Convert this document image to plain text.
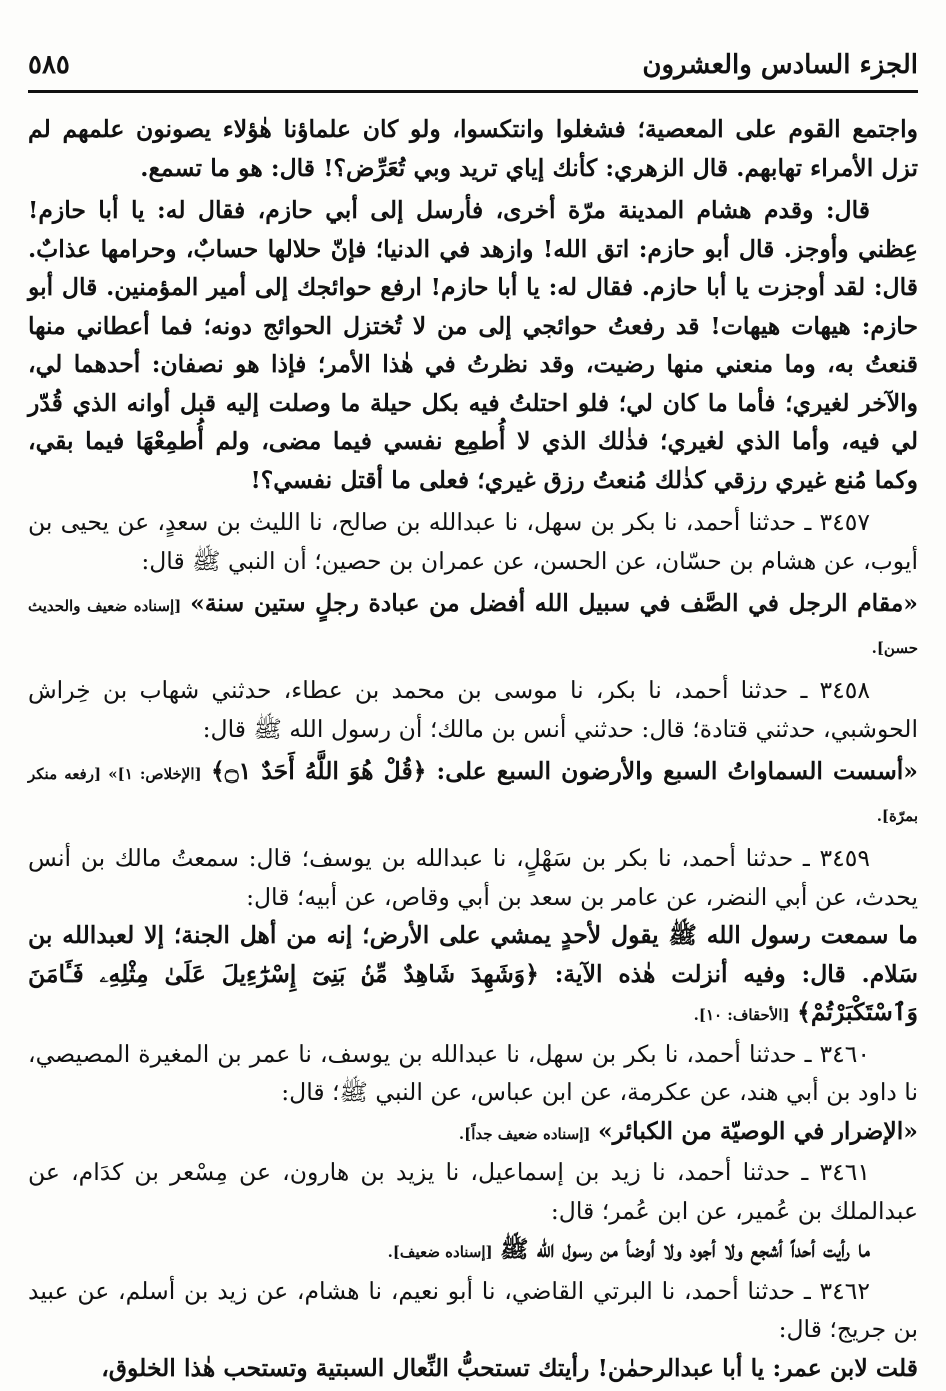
٥٨٥	الجزء السادس والعشرون

واجتمع القوم على المعصية؛ فشغلوا وانتكسوا، ولو كان علماؤنا هٰؤلاء يصونون علمهم لم تزل الأمراء تهابهم. قال الزهري: كأنك إياي تريد وبي تُعَرِّض؟! قال: هو ما تسمع.

قال: وقدم هشام المدينة مرّة أخرى، فأرسل إلى أبي حازم، فقال له: يا أبا حازم! عِظني وأوجز. قال أبو حازم: اتق الله! وازهد في الدنيا؛ فإنّ حلالها حسابٌ، وحرامها عذابٌ. قال: لقد أوجزت يا أبا حازم. فقال له: يا أبا حازم! ارفع حوائجك إلى أمير المؤمنين. قال أبو حازم: هيهات هيهات! قد رفعتُ حوائجي إلى من لا تُختزل الحوائج دونه؛ فما أعطاني منها قنعتُ به، وما منعني منها رضيت، وقد نظرتُ في هٰذا الأمر؛ فإذا هو نصفان: أحدهما لي، والآخر لغيري؛ فأما ما كان لي؛ فلو احتلتُ فيه بكل حيلة ما وصلت إليه قبل أوانه الذي قُدّر لي فيه، وأما الذي لغيري؛ فذٰلك الذي لا أُطمِع نفسي فيما مضى، ولم أُطمِعْهَا فيما بقي، وكما مُنع غيري رزقي كذٰلك مُنعتُ رزق غيري؛ فعلى ما أقتل نفسي؟!

٣٤٥٧ ـ حدثنا أحمد، نا بكر بن سهل، نا عبدالله بن صالح، نا الليث بن سعدٍ، عن يحيى بن أيوب، عن هشام بن حسّان، عن الحسن، عن عمران بن حصين؛ أن النبي ﷺ قال:

«مقام الرجل في الصَّف في سبيل الله أفضل من عبادة رجلٍ ستين سنة» [إسناده ضعيف والحديث حسن].

٣٤٥٨ ـ حدثنا أحمد، نا بكر، نا موسى بن محمد بن عطاء، حدثني شهاب بن خِراش الحوشبي، حدثني قتادة؛ قال: حدثني أنس بن مالك؛ أن رسول الله ﷺ قال:

«أسست السماواتُ السبع والأرضون السبع على: ﴿قُلْ هُوَ اللَّهُ أَحَدٌ ۝١﴾ [الإخلاص: ١]» [رفعه منكر بمرّة].

٣٤٥٩ ـ حدثنا أحمد، نا بكر بن سَهْلٍ، نا عبدالله بن يوسف؛ قال: سمعتُ مالك بن أنس يحدث، عن أبي النضر، عن عامر بن سعد بن أبي وقاص، عن أبيه؛ قال:

ما سمعت رسول الله ﷺ يقول لأحدٍ يمشي على الأرض؛ إنه من أهل الجنة؛ إلا لعبدالله بن سَلام. قال: وفيه أنزلت هٰذه الآية: ﴿وَشَهِدَ شَاهِدٌ مِّنۢ بَنِىٓ إِسْرَٰٓءِيلَ عَلَىٰ مِثْلِهِۦ فَـَٔامَنَ وَٱسْتَكْبَرْتُمْ﴾ [الأحقاف: ١٠].

٣٤٦٠ ـ حدثنا أحمد، نا بكر بن سهل، نا عبدالله بن يوسف، نا عمر بن المغيرة المصيصي، نا داود بن أبي هند، عن عكرمة، عن ابن عباس، عن النبي ﷺ؛ قال:

«الإضرار في الوصيّة من الكبائر» [إسناده ضعيف جداً].

٣٤٦١ ـ حدثنا أحمد، نا زيد بن إسماعيل، نا يزيد بن هارون، عن مِسْعر بن كدَام، عن عبدالملك بن عُمير، عن ابن عُمر؛ قال:

ما رأيت أحداً أشجع ولا أجود ولا أوضأ من رسول الله ﷺ [إسناده ضعيف].

٣٤٦٢ ـ حدثنا أحمد، نا البرتي القاضي، نا أبو نعيم، نا هشام، عن زيد بن أسلم، عن عبيد بن جريج؛ قال:

قلت لابن عمر: يا أبا عبدالرحمٰن! رأيتك تستحبُّ النِّعال السبتية وتستحب هٰذا الخلوق،
